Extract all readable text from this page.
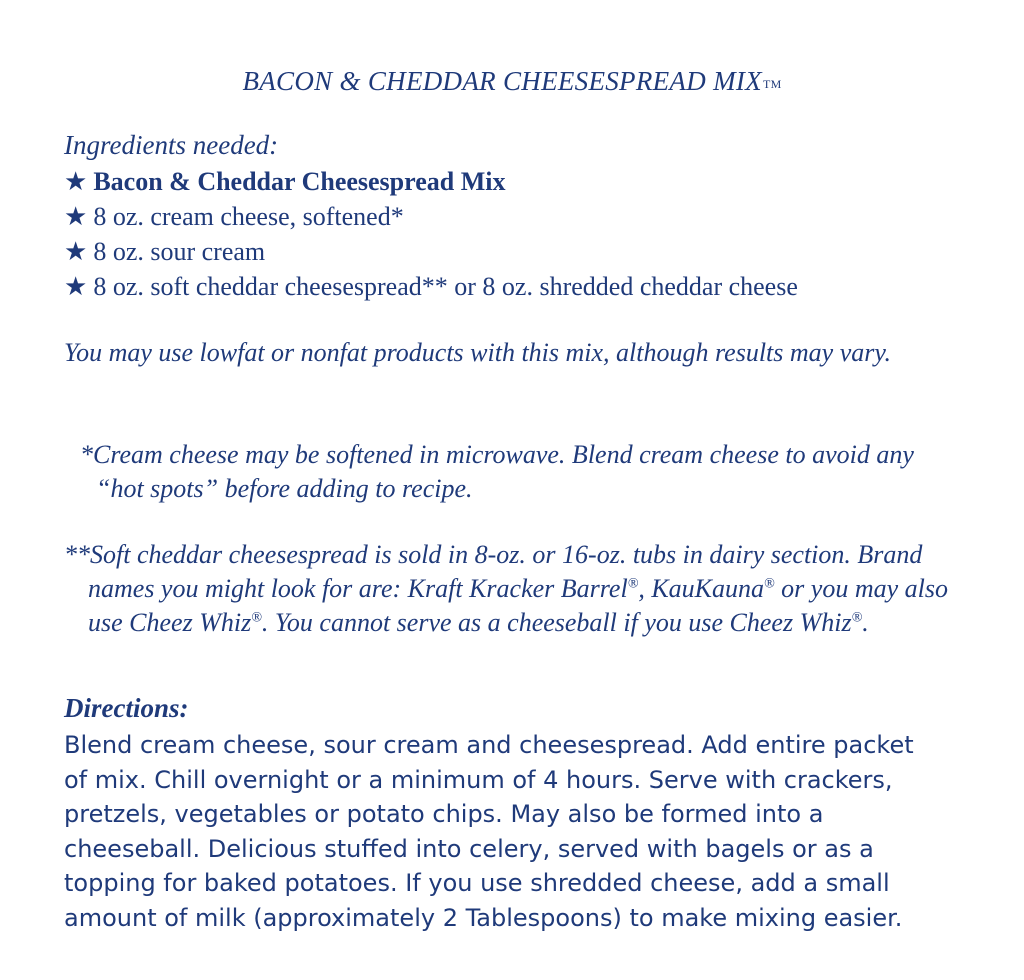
BACON & CHEDDAR CHEESESPREAD MIXTM
Ingredients needed:
★ Bacon & Cheddar Cheesespread Mix
★ 8 oz. cream cheese, softened*
★ 8 oz. sour cream
★ 8 oz. soft cheddar cheesespread** or 8 oz. shredded cheddar cheese
You may use lowfat or nonfat products with this mix, although results may vary.
*Cream cheese may be softened in microwave. Blend cream cheese to avoid any “hot spots” before adding to recipe.
**Soft cheddar cheesespread is sold in 8-oz. or 16-oz. tubs in dairy section. Brand names you might look for are: Kraft Kracker Barrel®, KauKauna® or you may also use Cheez Whiz®. You cannot serve as a cheeseball if you use Cheez Whiz®.
Directions:
Blend cream cheese, sour cream and cheesespread. Add entire packet of mix. Chill overnight or a minimum of 4 hours. Serve with crackers, pretzels, vegetables or potato chips. May also be formed into a cheeseball. Delicious stuffed into celery, served with bagels or as a topping for baked potatoes. If you use shredded cheese, add a small amount of milk (approximately 2 Tablespoons) to make mixing easier.
